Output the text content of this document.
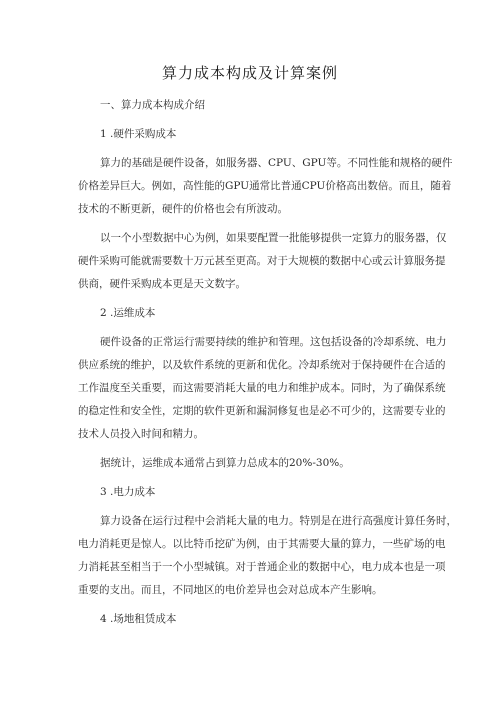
算力成本构成及计算案例
一、算力成本构成介绍
1 .硬件采购成本
算力的基础是硬件设备，如服务器、CPU、GPU等。不同性能和规格的硬件
价格差异巨大。例如，高性能的GPU通常比普通CPU价格高出数倍。而且，随着
技术的不断更新，硬件的价格也会有所波动。
以一个小型数据中心为例，如果要配置一批能够提供一定算力的服务器，仅
硬件采购可能就需要数十万元甚至更高。对于大规模的数据中心或云计算服务提
供商，硬件采购成本更是天文数字。
2 .运维成本
硬件设备的正常运行需要持续的维护和管理。这包括设备的冷却系统、电力
供应系统的维护，以及软件系统的更新和优化。冷却系统对于保持硬件在合适的
工作温度至关重要，而这需要消耗大量的电力和维护成本。同时，为了确保系统
的稳定性和安全性，定期的软件更新和漏洞修复也是必不可少的，这需要专业的
技术人员投入时间和精力。
据统计，运维成本通常占到算力总成本的20%-30%。
3 .电力成本
算力设备在运行过程中会消耗大量的电力。特别是在进行高强度计算任务时，
电力消耗更是惊人。以比特币挖矿为例，由于其需要大量的算力，一些矿场的电
力消耗甚至相当于一个小型城镇。对于普通企业的数据中心，电力成本也是一项
重要的支出。而且，不同地区的电价差异也会对总成本产生影响。
4 .场地租赁成本
